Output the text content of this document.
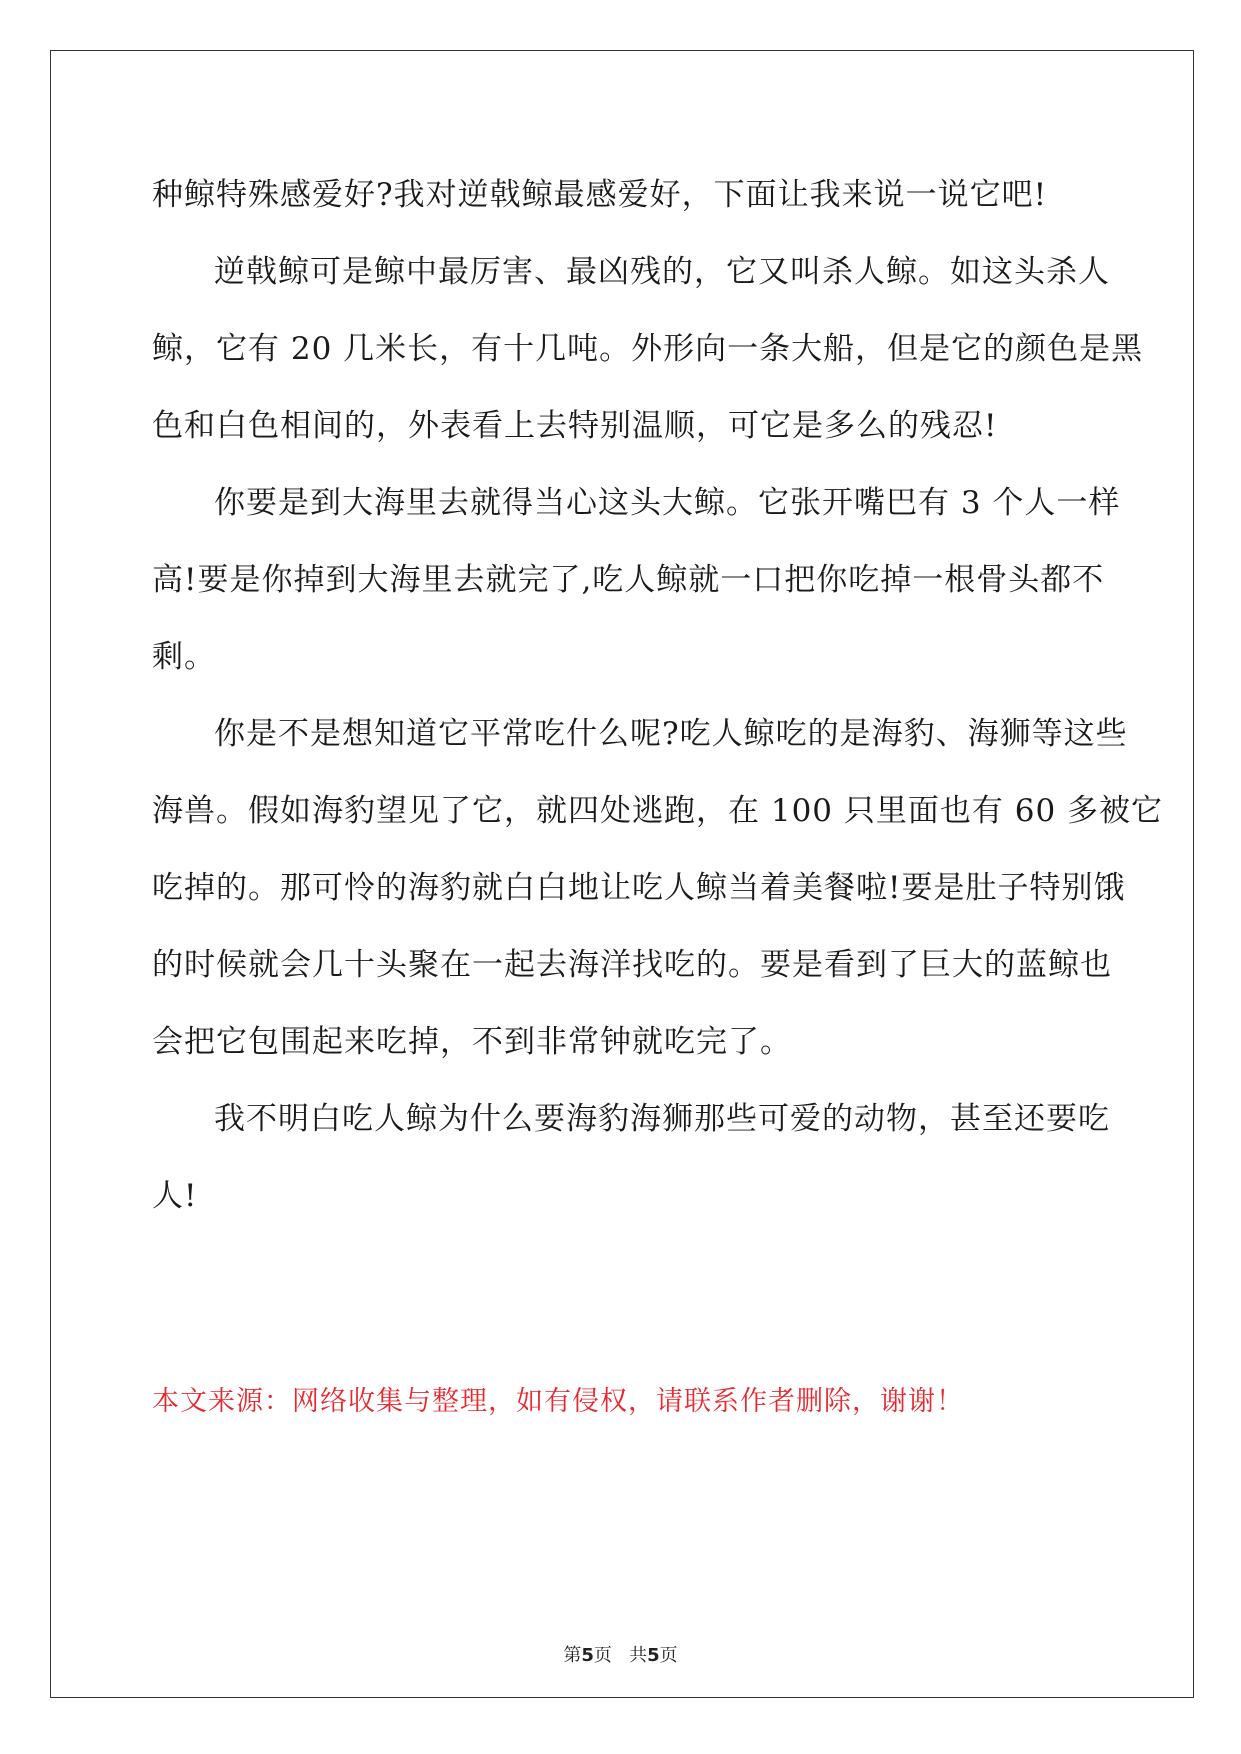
种鲸特殊感爱好?我对逆戟鲸最感爱好，下面让我来说一说它吧!
逆戟鲸可是鲸中最厉害、最凶残的，它又叫杀人鲸。如这头杀人
鲸，它有 20 几米长，有十几吨。外形向一条大船，但是它的颜色是黑
色和白色相间的，外表看上去特别温顺，可它是多么的残忍!
你要是到大海里去就得当心这头大鲸。它张开嘴巴有 3 个人一样
高!要是你掉到大海里去就完了,吃人鲸就一口把你吃掉一根骨头都不
剩。
你是不是想知道它平常吃什么呢?吃人鲸吃的是海豹、海狮等这些
海兽。假如海豹望见了它，就四处逃跑，在 100 只里面也有 60 多被它
吃掉的。那可怜的海豹就白白地让吃人鲸当着美餐啦!要是肚子特别饿
的时候就会几十头聚在一起去海洋找吃的。要是看到了巨大的蓝鲸也
会把它包围起来吃掉，不到非常钟就吃完了。
我不明白吃人鲸为什么要海豹海狮那些可爱的动物，甚至还要吃
人!
本文来源：网络收集与整理，如有侵权，请联系作者删除，谢谢！
第5页   共5页
